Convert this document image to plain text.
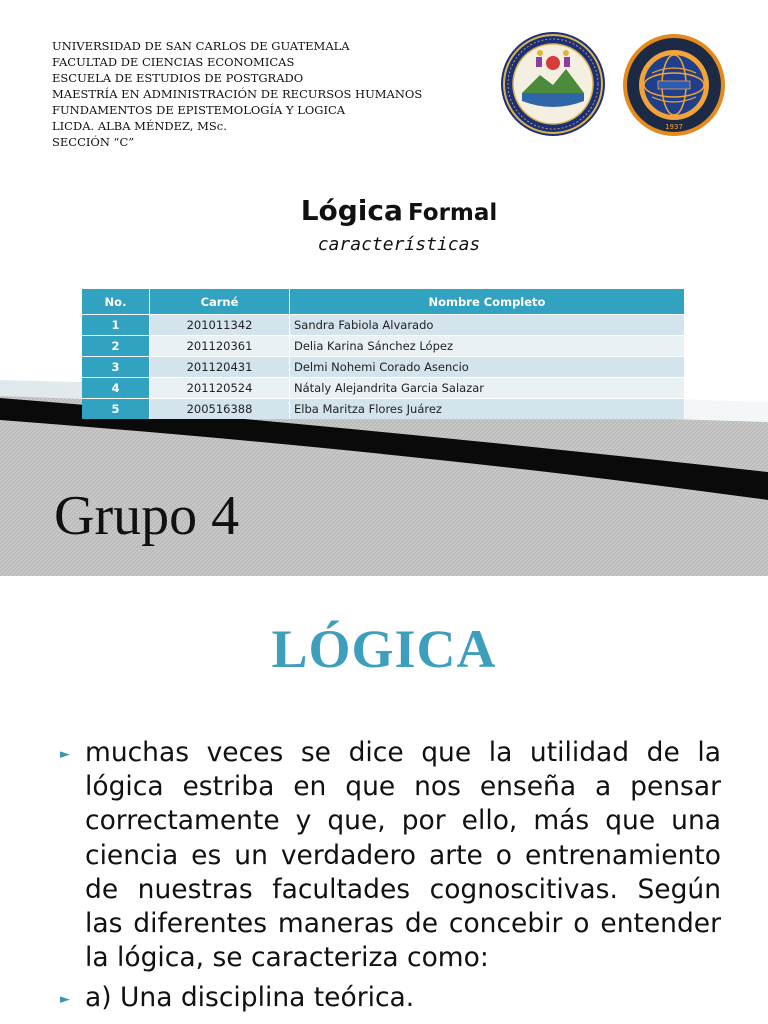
UNIVERSIDAD DE SAN CARLOS DE GUATEMALA
FACULTAD DE CIENCIAS ECONOMICAS
ESCUELA DE ESTUDIOS DE POSTGRADO
MAESTRÍA EN ADMINISTRACIÓN DE RECURSOS HUMANOS
FUNDAMENTOS DE EPISTEMOLOGÍA Y LOGICA
LICDA. ALBA MÉNDEZ, MSc.
SECCIÓN “C”
1937
Lógica Formal
características
No.	Carné	Nombre Completo
1	201011342	Sandra Fabiola Alvarado
2	201120361	Delia Karina Sánchez López
3	201120431	Delmi Nohemi Corado Asencio
4	201120524	Nátaly Alejandrita Garcia Salazar
5	200516388	Elba Maritza Flores Juárez
Grupo 4
LÓGICA
► muchas veces se dice que la utilidad de la lógica estriba en que nos enseña a pensar correctamente y que, por ello, más que una ciencia es un verdadero arte o entrenamiento de nuestras facultades cognoscitivas. Según las diferentes maneras de concebir o entender la lógica, se caracteriza como:
► a) Una disciplina teórica.
